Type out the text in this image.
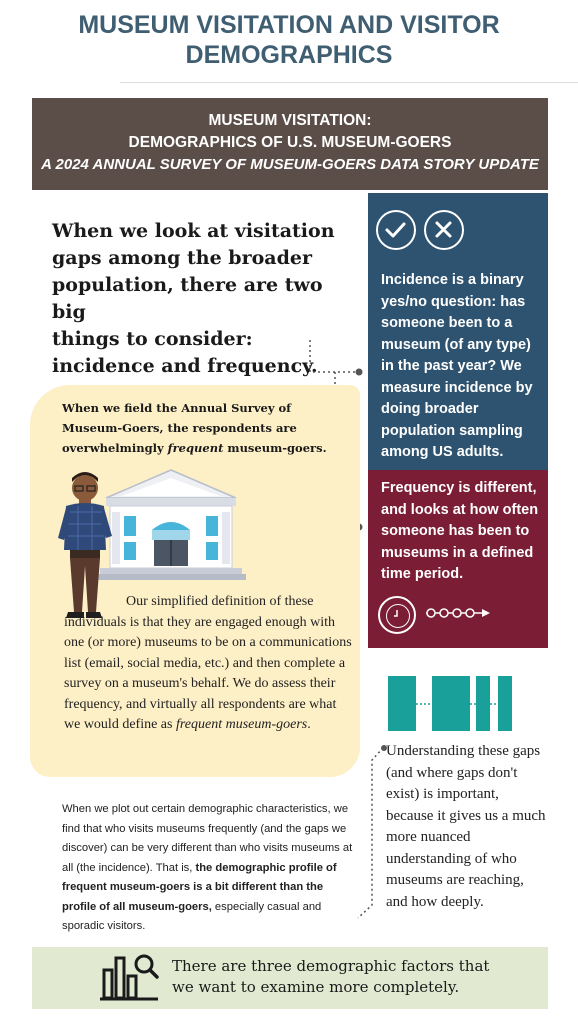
MUSEUM VISITATION AND VISITOR DEMOGRAPHICS
MUSEUM VISITATION:
DEMOGRAPHICS OF U.S. MUSEUM-GOERS
A 2024 ANNUAL SURVEY OF MUSEUM-GOERS DATA STORY UPDATE
When we look at visitation
gaps among the broader
population, there are two big
things to consider:
incidence and frequency.
Incidence is a binary yes/no question: has someone been to a museum (of any type) in the past year? We measure incidence by doing broader population sampling among US adults.
Frequency is different, and looks at how often someone has been to museums in a defined time period.
When we field the Annual Survey of Museum-Goers, the respondents are overwhelmingly frequent museum-goers.
Our simplified definition of these individuals is that they are engaged enough with one (or more) museums to be on a communications list (email, social media, etc.) and then complete a survey on a museum's behalf. We do assess their frequency, and virtually all respondents are what we would define as frequent museum-goers.
When we plot out certain demographic characteristics, we find that who visits museums frequently (and the gaps we discover) can be very different than who visits museums at all (the incidence). That is, the demographic profile of frequent museum-goers is a bit different than the profile of all museum-goers, especially casual and sporadic visitors.
Understanding these gaps (and where gaps don't exist) is important, because it gives us a much more nuanced understanding of who museums are reaching, and how deeply.
There are three demographic factors that
we want to examine more completely.
